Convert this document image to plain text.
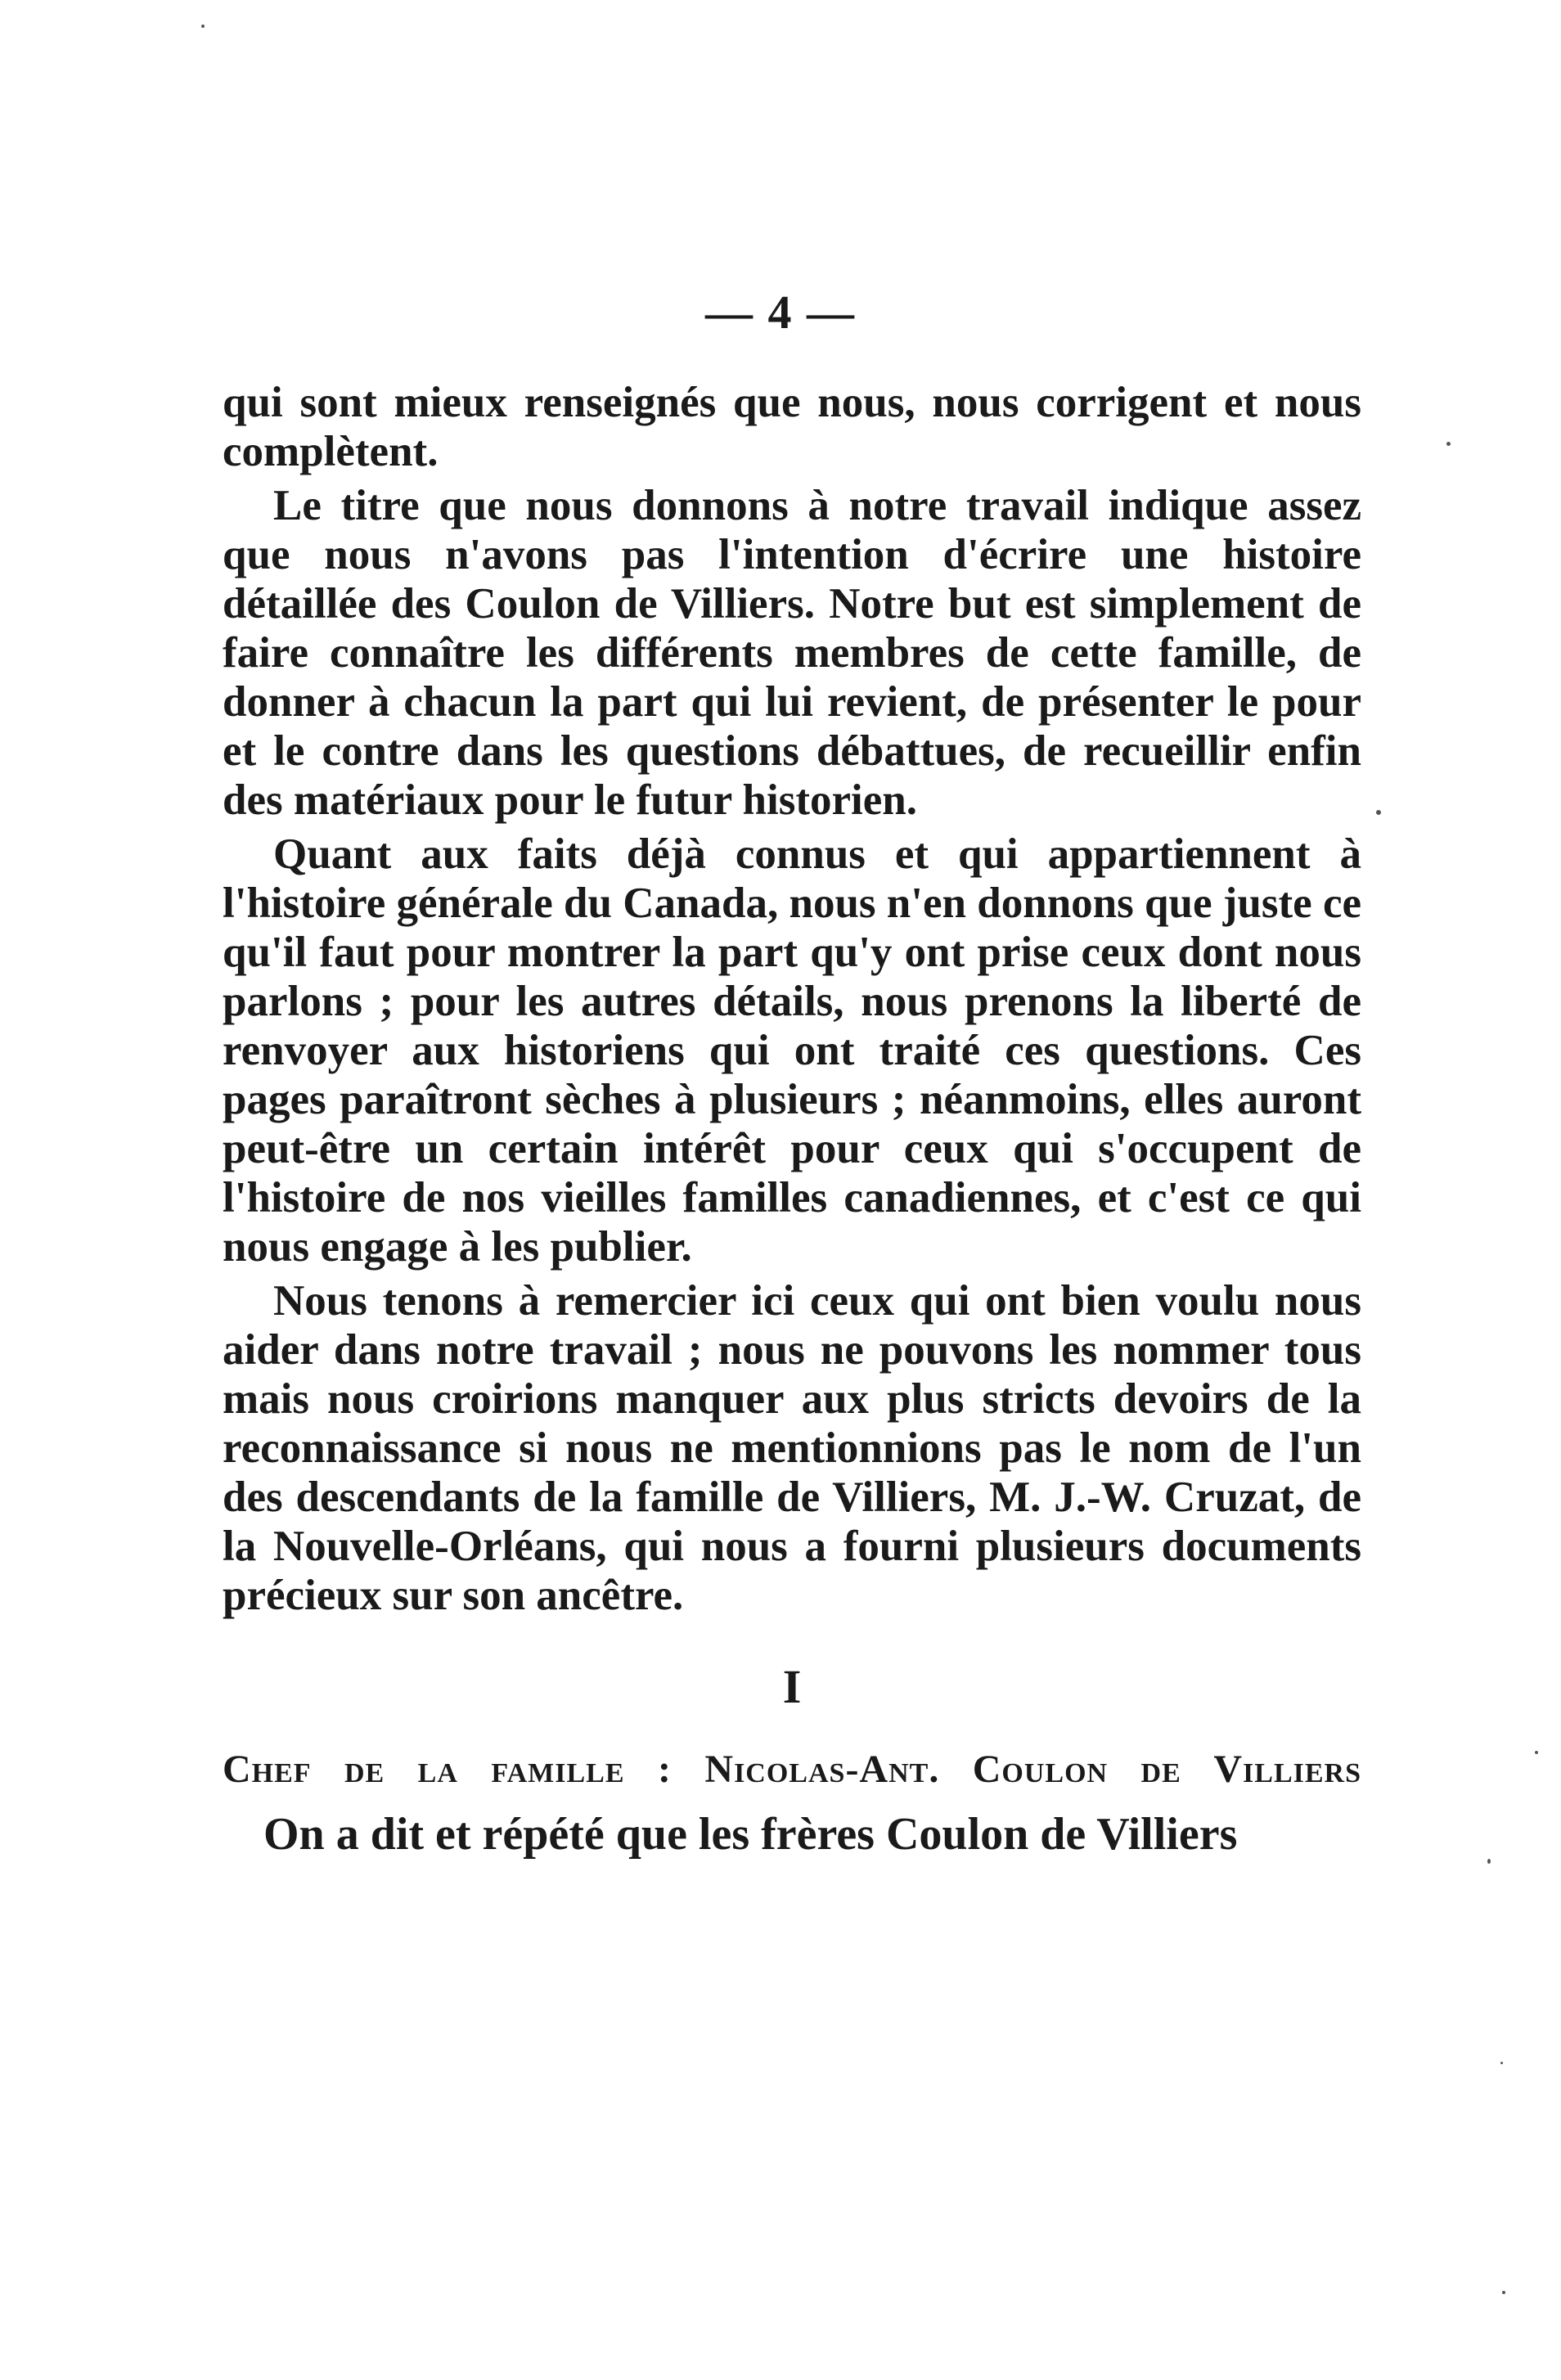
— 4 —

qui sont mieux renseignés que nous, nous corrigent et nous complètent.

Le titre que nous donnons à notre travail indique assez que nous n'avons pas l'intention d'écrire une histoire détaillée des Coulon de Villiers. Notre but est simplement de faire connaître les différents membres de cette famille, de donner à chacun la part qui lui revient, de présenter le pour et le contre dans les questions débattues, de recueillir enfin des matériaux pour le futur historien.

Quant aux faits déjà connus et qui appartiennent à l'histoire générale du Canada, nous n'en donnons que juste ce qu'il faut pour montrer la part qu'y ont prise ceux dont nous parlons ; pour les autres détails, nous prenons la liberté de renvoyer aux historiens qui ont traité ces questions. Ces pages paraîtront sèches à plusieurs ; néanmoins, elles auront peut-être un certain intérêt pour ceux qui s'occupent de l'histoire de nos vieilles familles canadiennes, et c'est ce qui nous engage à les publier.

Nous tenons à remercier ici ceux qui ont bien voulu nous aider dans notre travail ; nous ne pouvons les nommer tous mais nous croirions manquer aux plus stricts devoirs de la reconnaissance si nous ne mentionnions pas le nom de l'un des descendants de la famille de Villiers, M. J.-W. Cruzat, de la Nouvelle-Orléans, qui nous a fourni plusieurs documents précieux sur son ancêtre.

I
Chef de la famille : Nicolas-Ant. Coulon de Villiers

On a dit et répété que les frères Coulon de Villiers
